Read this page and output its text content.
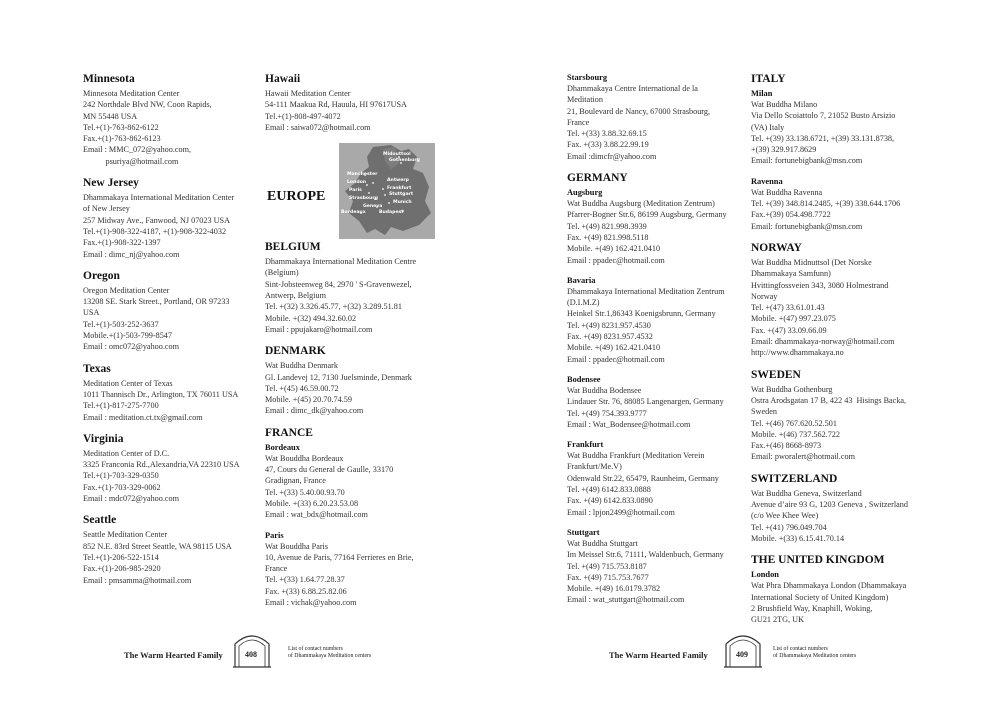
Minnesota
Minnesota Meditation Center
242 Northdale Blvd NW, Coon Rapids,
MN 55448 USA
Tel.+(1)-763-862-6122
Fax.+(1)-763-862-6123
Email : MMC_072@yahoo.com,
psuriya@hotmail.com
New Jersey
Dhammakaya International Meditation Center
of New Jersey
257 Midway Ave., Fanwood, NJ 07023 USA
Tel.+(1)-908-322-4187, +(1)-908-322-4032
Fax.+(1)-908-322-1397
Email : dimc_nj@yahoo.com
Oregon
Oregon Meditation Center
13208 SE. Stark Street., Portland, OR 97233
USA
Tel.+(1)-503-252-3637
Mobile.+(1)-503-799-8547
Email : omc072@yahoo.com
Texas
Meditation Center of Texas
1011 Thannisch Dr., Arlington, TX 76011 USA
Tel.+(1)-817-275-7700
Email : meditation.ct.tx@gmail.com
Virginia
Meditation Center of D.C.
3325 Franconia Rd.,Alexandria,VA 22310 USA
Tel.+(1)-703-329-0350
Fax.+(1)-703-329-0062
Email : mdc072@yahoo.com
Seattle
Seattle Meditation Center
852 N.E. 83rd Street Seattle, WA 98115 USA
Tel.+(1)-206-522-1514
Fax.+(1)-206-985-2920
Email : pmsamma@hotmail.com
Hawaii
Hawaii Meditation Center
54-111 Maakua Rd, Hauula, HI 97617USA
Tel.+(1)-808-497-4072
Email : saiwa072@hotmail.com
BELGIUM
Dhammakaya International Meditation Centre
(Belgium)
Sint-Jobsteenweg 84, 2970 ' S-Gravenwezel,
Antwerp, Belgium
Tel. +(32) 3.326.45.77, +(32) 3.289.51.81
Mobile. +(32) 494.32.60.02
Email : ppujakaro@hotmail.com
DENMARK
Wat Buddha Denmark
Gl. Landevej 12, 7130 Juelsminde, Denmark
Tel. +(45) 46.59.00.72
Mobile. +(45) 20.70.74.59
Email : dimc_dk@yahoo.com
FRANCE
Bordeaux
Wat Bouddha Bordeaux
47, Cours du General de Gaulle, 33170
Gradignan, France
Tel. +(33) 5.40.00.93.70
Mobile. +(33) 6.20.23.53.08
Email : wat_bdx@hotmail.com
Paris
Wat Bouddha Paris
10, Avenue de Paris, 77164 Ferrieres en Brie,
France
Tel. +(33) 1.64.77.28.37
Fax. +(33) 6.88.25.82.06
Email : vichak@yahoo.com
EUROPE
Midouttsol
Gothenburg
Manchester
Antwerp
London
Frankfurt
Paris
Stuttgart
Strasbourg
Munich
Geneva
Bordeaux	Budapest
Starsbourg
Dhammakaya Centre International de la
Meditation
21, Boulevard de Nancy, 67000 Strasbourg,
France
Tel. +(33) 3.88.32.69.15
Fax. +(33) 3.88.22.99.19
Email :dimcfr@yahoo.com
GERMANY
Augsburg
Wat Buddha Augsburg (Meditation Zentrum)
Pfarrer-Bogner Str.6, 86199 Augsburg, Germany
Tel. +(49) 821.998.3939
Fax. +(49) 821.998.5118
Mobile. +(49) 162.421.0410
Email : ppadec@hotmail.com
Bavaria
Dhammakaya International Meditation Zentrum
(D.I.M.Z)
Heinkel Str.1,86343 Koenigsbrunn, Germany
Tel. +(49) 8231.957.4530
Fax. +(49) 8231.957.4532
Mobile. +(49) 162.421.0410
Email : ppadec@hotmail.com
Bodensee
Wat Buddha Bodensee
Lindauer Str. 76, 88085 Langenargen, Germany
Tel. +(49) 754.393.9777
Email : Wat_Bodensee@hotmail.com
Frankfurt
Wat Buddha Frankfurt (Meditation Verein
Frankfurt/Me.V)
Odenwald Str.22, 65479, Raunheim, Germany
Tel. +(49) 6142.833.0888
Fax. +(49) 6142.833.0890
Email : lpjon2499@hotmail.com
Stuttgart
Wat Buddha Stuttgart
Im Meissel Str.6, 71111, Waldenbuch, Germany
Tel. +(49) 715.753.8187
Fax. +(49) 715.753.7677
Mobile. +(49) 16.0179.3782
Email : wat_stuttgart@hotmail.com
ITALY
Milan
Wat Buddha Milano
Via Dello Scoiattolo 7, 21052 Busto Arsizio
(VA) Italy
Tel. +(39) 33.138.6721, +(39) 33.131.8738,
+(39) 329.917.8629
Email: fortunebigbank@msn.com
Ravenna
Wat Buddha Ravenna
Tel. +(39) 348.814.2485, +(39) 338.644.1706
Fax.+(39) 054.498.7722
Email: fortunebigbank@msn.com
NORWAY
Wat Buddha Midnuttsol (Det Norske
Dhammakaya Samfunn)
Hvittingfossveien 343, 3080 Holmestrand
Norway
Tel. +(47) 33.61.01.43
Mobile. +(47) 997.23.075
Fax. +(47) 33.09.66.09
Email: dhammakaya-norway@hotmail.com
http://www.dhammakaya.no
SWEDEN
Wat Buddha Gothenburg
Ostra Arodsgatan 17 B, 422 43  Hisings Backa,
Sweden
Tel. +(46) 767.620.52.501
Mobile. +(46) 737.562.722
Fax.+(46) 8668-8973
Email: pworalert@hotmail.com
SWITZERLAND
Wat Buddha Geneva, Switzerland
Avenue d’aire 93 G, 1203 Geneva , Switzerland
(c/o Wee Khee Wee)
Tel. +(41) 796.049.704
Mobile. +(33) 6.15.41.70.14
THE UNITED KINGDOM
London
Wat Phra Dhammakaya London (Dhammakaya
International Society of United Kingdom)
2 Brushfield Way, Knaphill, Woking,
GU21 2TG, UK
The Warm Hearted Family	408
List of contact numbers
of Dhammakaya Meditation centers	The Warm Hearted Family	409
List of contact numbers
of Dhammakaya Meditation centers
